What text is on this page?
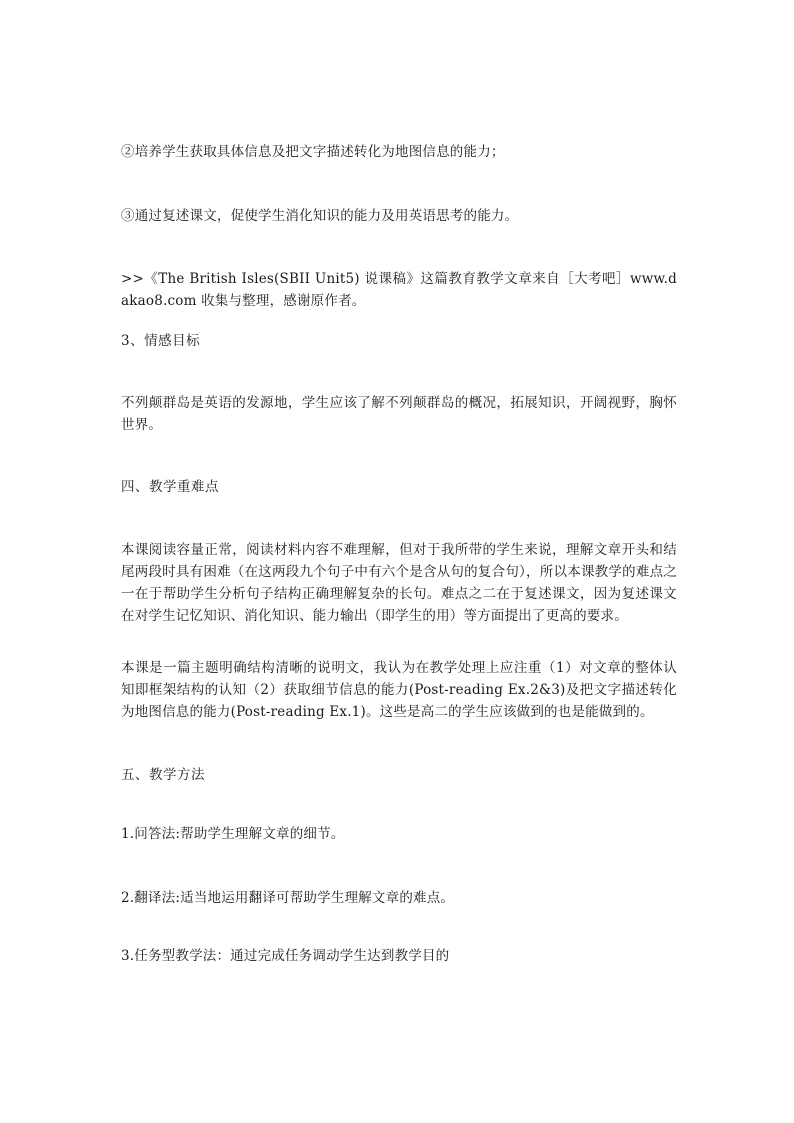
②培养学生获取具体信息及把文字描述转化为地图信息的能力；

③通过复述课文，促使学生消化知识的能力及用英语思考的能力。

>>《The British Isles(SBII Unit5) 说课稿》这篇教育教学文章来自［大考吧］www.dakao8.com 收集与整理，感谢原作者。

3、情感目标

不列颠群岛是英语的发源地，学生应该了解不列颠群岛的概况，拓展知识，开阔视野，胸怀世界。

四、教学重难点

本课阅读容量正常，阅读材料内容不难理解，但对于我所带的学生来说，理解文章开头和结尾两段时具有困难（在这两段九个句子中有六个是含从句的复合句），所以本课教学的难点之一在于帮助学生分析句子结构正确理解复杂的长句。难点之二在于复述课文，因为复述课文在对学生记忆知识、消化知识、能力输出（即学生的用）等方面提出了更高的要求。

本课是一篇主题明确结构清晰的说明文，我认为在教学处理上应注重（1）对文章的整体认知即框架结构的认知（2）获取细节信息的能力(Post-reading Ex.2&3)及把文字描述转化为地图信息的能力(Post-reading Ex.1)。这些是高二的学生应该做到的也是能做到的。

五、教学方法

1.问答法:帮助学生理解文章的细节。

2.翻译法:适当地运用翻译可帮助学生理解文章的难点。

3.任务型教学法：通过完成任务调动学生达到教学目的
